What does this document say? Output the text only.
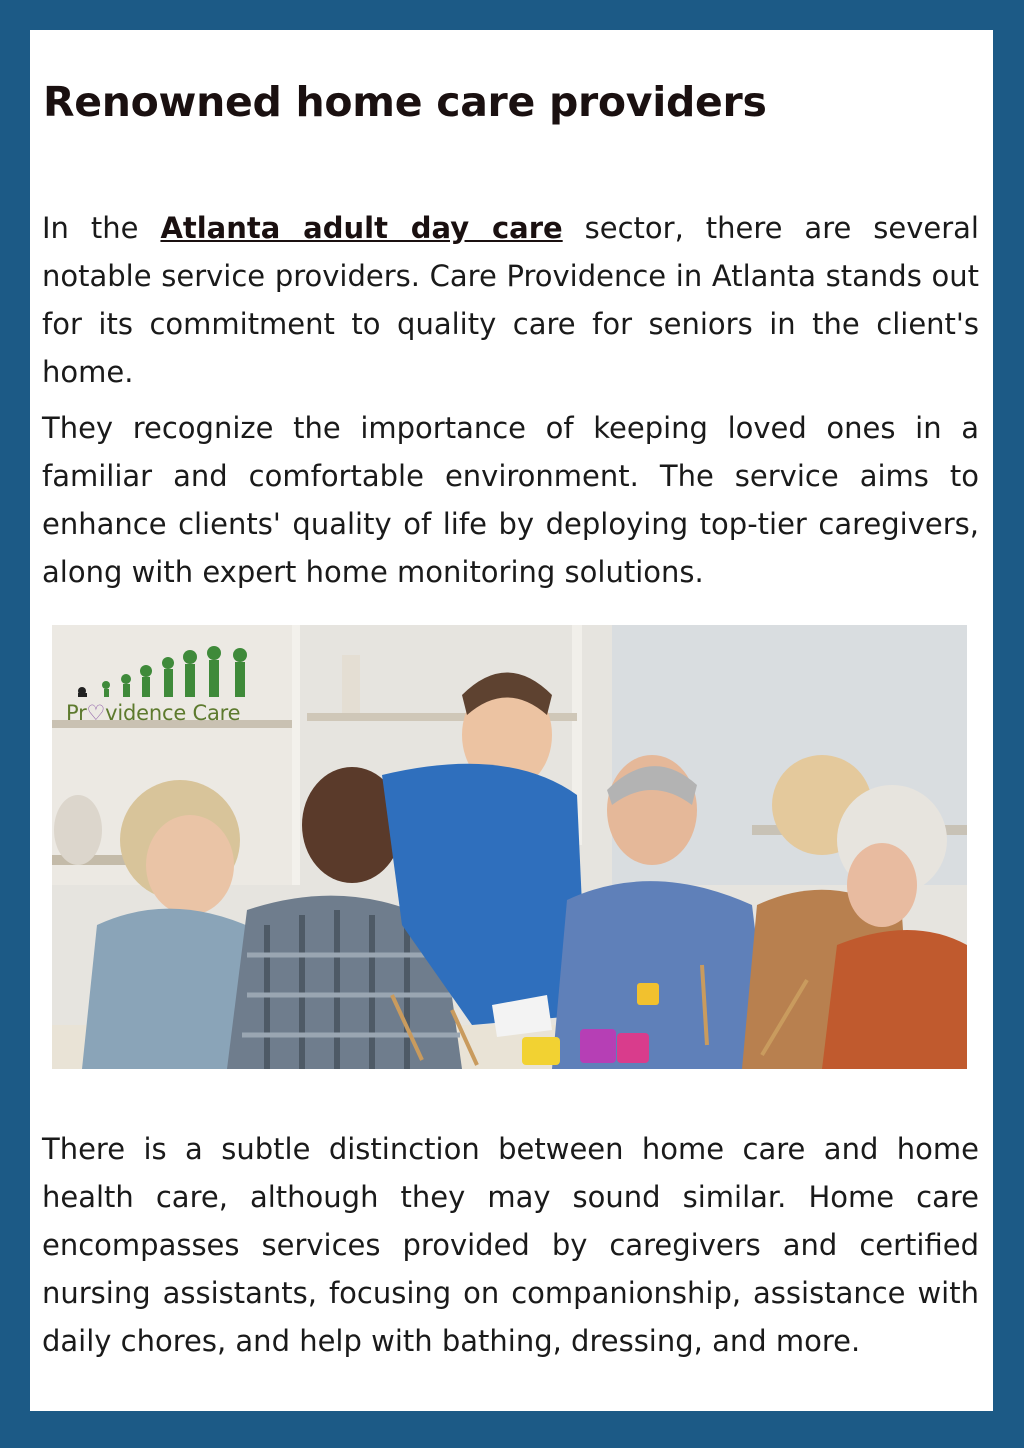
Renowned home care providers

In the Atlanta adult day care sector, there are several notable service providers. Care Providence in Atlanta stands out for its commitment to quality care for seniors in the client's home.

They recognize the importance of keeping loved ones in a familiar and comfortable environment. The service aims to enhance clients' quality of life by deploying top-tier caregivers, along with expert home monitoring solutions.

Pr♡vidence Care

There is a subtle distinction between home care and home health care, although they may sound similar. Home care encompasses services provided by caregivers and certified nursing assistants, focusing on companionship, assistance with daily chores, and help with bathing, dressing, and more.
